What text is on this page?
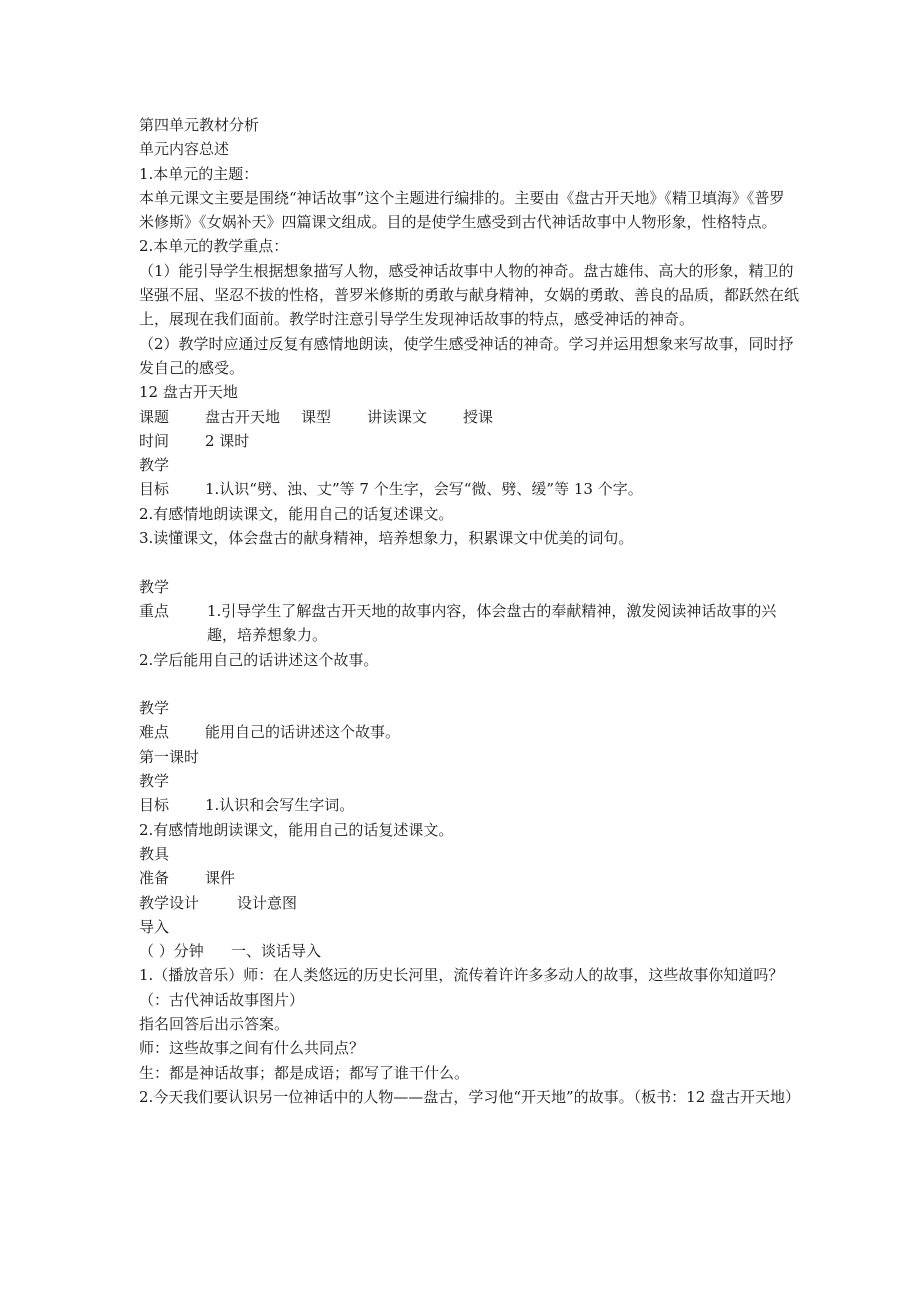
第四单元教材分析

单元内容总述

1.本单元的主题：

本单元课文主要是围绕“神话故事”这个主题进行编排的。主要由《盘古开天地》《精卫填海》《普罗米修斯》《女娲补天》四篇课文组成。目的是使学生感受到古代神话故事中人物形象，性格特点。

2.本单元的教学重点：

（1）能引导学生根据想象描写人物，感受神话故事中人物的神奇。盘古雄伟、高大的形象，精卫的坚强不屈、坚忍不拔的性格，普罗米修斯的勇敢与献身精神，女娲的勇敢、善良的品质，都跃然在纸上，展现在我们面前。教学时注意引导学生发现神话故事的特点，感受神话的神奇。

（2）教学时应通过反复有感情地朗读，使学生感受神话的神奇。学习并运用想象来写故事，同时抒发自己的感受。

12 盘古开天地

课题	盘古开天地	课型	讲读课文	授课
时间	2 课时

教学

目标	1.认识“劈、浊、丈”等 7 个生字，会写“微、劈、缓”等 13 个字。

2.有感情地朗读课文，能用自己的话复述课文。

3.读懂课文，体会盘古的献身精神，培养想象力，积累课文中优美的词句。

教学

重点	1.引导学生了解盘古开天地的故事内容，体会盘古的奉献精神，激发阅读神话故事的兴趣，培养想象力。

2.学后能用自己的话讲述这个故事。

教学

难点	能用自己的话讲述这个故事。

第一课时

教学

目标	1.认识和会写生字词。

2.有感情地朗读课文，能用自己的话复述课文。

教具

准备	课件
教学设计	设计意图

导入

（ ）分钟	一、谈话导入

1.（播放音乐）师：在人类悠远的历史长河里，流传着许许多多动人的故事，这些故事你知道吗？（：古代神话故事图片）

指名回答后出示答案。

师：这些故事之间有什么共同点？

生：都是神话故事；都是成语；都写了谁干什么。

2.今天我们要认识另一位神话中的人物——盘古，学习他“开天地”的故事。（板书：12 盘古开天地）
